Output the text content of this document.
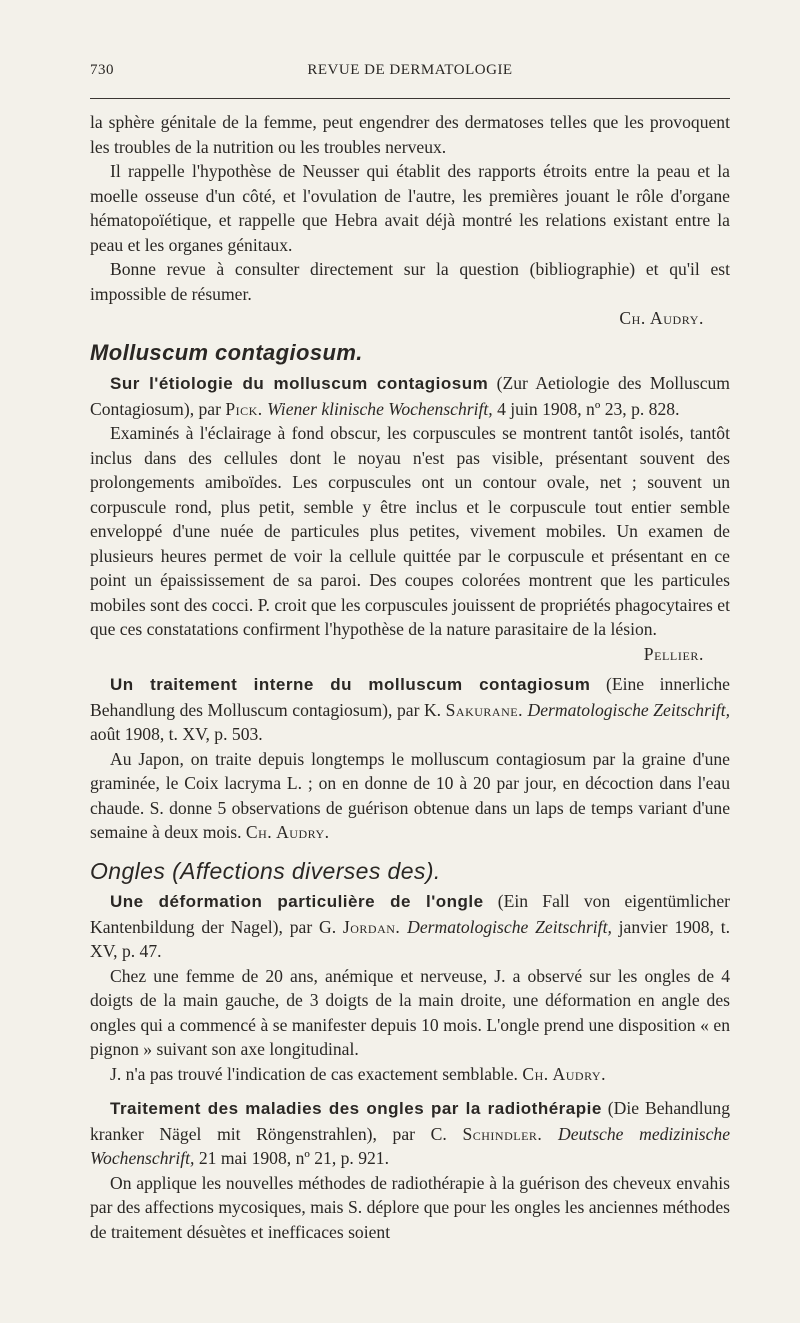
730	REVUE DE DERMATOLOGIE

la sphère génitale de la femme, peut engendrer des dermatoses telles que les provoquent les troubles de la nutrition ou les troubles nerveux.

Il rappelle l'hypothèse de Neusser qui établit des rapports étroits entre la peau et la moelle osseuse d'un côté, et l'ovulation de l'autre, les premières jouant le rôle d'organe hématopoïétique, et rappelle que Hebra avait déjà montré les relations existant entre la peau et les organes génitaux.

Bonne revue à consulter directement sur la question (bibliographie) et qu'il est impossible de résumer.

Ch. Audry.
Molluscum contagiosum.

Sur l'étiologie du molluscum contagiosum (Zur Aetiologie des Molluscum Contagiosum), par Pick. Wiener klinische Wochenschrift, 4 juin 1908, nº 23, p. 828.

Examinés à l'éclairage à fond obscur, les corpuscules se montrent tantôt isolés, tantôt inclus dans des cellules dont le noyau n'est pas visible, présentant souvent des prolongements amiboïdes. Les corpuscules ont un contour ovale, net ; souvent un corpuscule rond, plus petit, semble y être inclus et le corpuscule tout entier semble enveloppé d'une nuée de particules plus petites, vivement mobiles. Un examen de plusieurs heures permet de voir la cellule quittée par le corpuscule et présentant en ce point un épaississement de sa paroi. Des coupes colorées montrent que les particules mobiles sont des cocci. P. croit que les corpuscules jouissent de propriétés phagocytaires et que ces constatations confirment l'hypothèse de la nature parasitaire de la lésion.

Pellier.

Un traitement interne du molluscum contagiosum (Eine innerliche Behandlung des Molluscum contagiosum), par K. Sakurane. Dermatologische Zeitschrift, août 1908, t. XV, p. 503.

Au Japon, on traite depuis longtemps le molluscum contagiosum par la graine d'une graminée, le Coix lacryma L. ; on en donne de 10 à 20 par jour, en décoction dans l'eau chaude. S. donne 5 observations de guérison obtenue dans un laps de temps variant d'une semaine à deux mois. Ch. Audry.

Ongles (Affections diverses des).

Une déformation particulière de l'ongle (Ein Fall von eigentümlicher Kantenbildung der Nagel), par G. Jordan. Dermatologische Zeitschrift, janvier 1908, t. XV, p. 47.

Chez une femme de 20 ans, anémique et nerveuse, J. a observé sur les ongles de 4 doigts de la main gauche, de 3 doigts de la main droite, une déformation en angle des ongles qui a commencé à se manifester depuis 10 mois. L'ongle prend une disposition « en pignon » suivant son axe longitudinal.

J. n'a pas trouvé l'indication de cas exactement semblable. Ch. Audry.

Traitement des maladies des ongles par la radiothérapie (Die Behandlung kranker Nägel mit Röngenstrahlen), par C. Schindler. Deutsche medizinische Wochenschrift, 21 mai 1908, nº 21, p. 921.

On applique les nouvelles méthodes de radiothérapie à la guérison des cheveux envahis par des affections mycosiques, mais S. déplore que pour les ongles les anciennes méthodes de traitement désuètes et inefficaces soient
